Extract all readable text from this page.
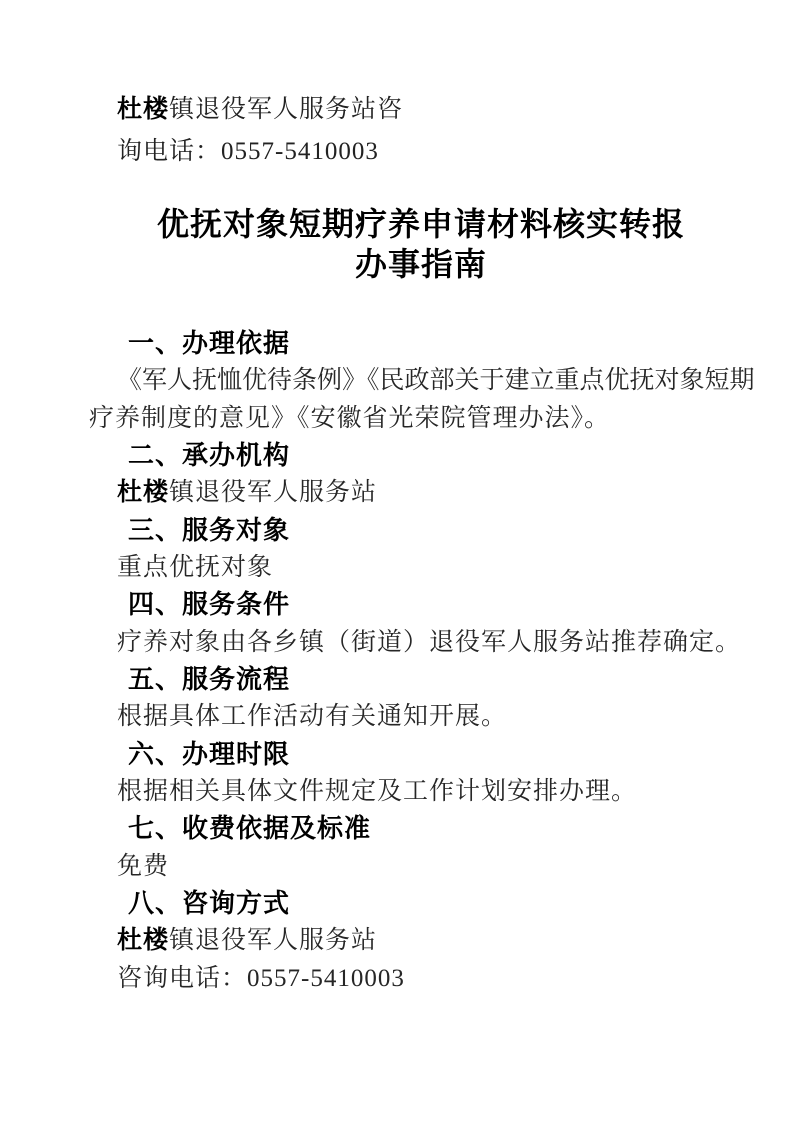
杜楼镇退役军人服务站咨
询电话：0557-5410003
优抚对象短期疗养申请材料核实转报
办事指南
一、办理依据
《军人抚恤优待条例》《民政部关于建立重点优抚对象短期
疗养制度的意见》《安徽省光荣院管理办法》。
二、承办机构
杜楼镇退役军人服务站
三、服务对象
重点优抚对象
四、服务条件
疗养对象由各乡镇（街道）退役军人服务站推荐确定。
五、服务流程
根据具体工作活动有关通知开展。
六、办理时限
根据相关具体文件规定及工作计划安排办理。
七、收费依据及标准
免费
八、咨询方式
杜楼镇退役军人服务站
咨询电话：0557-5410003
